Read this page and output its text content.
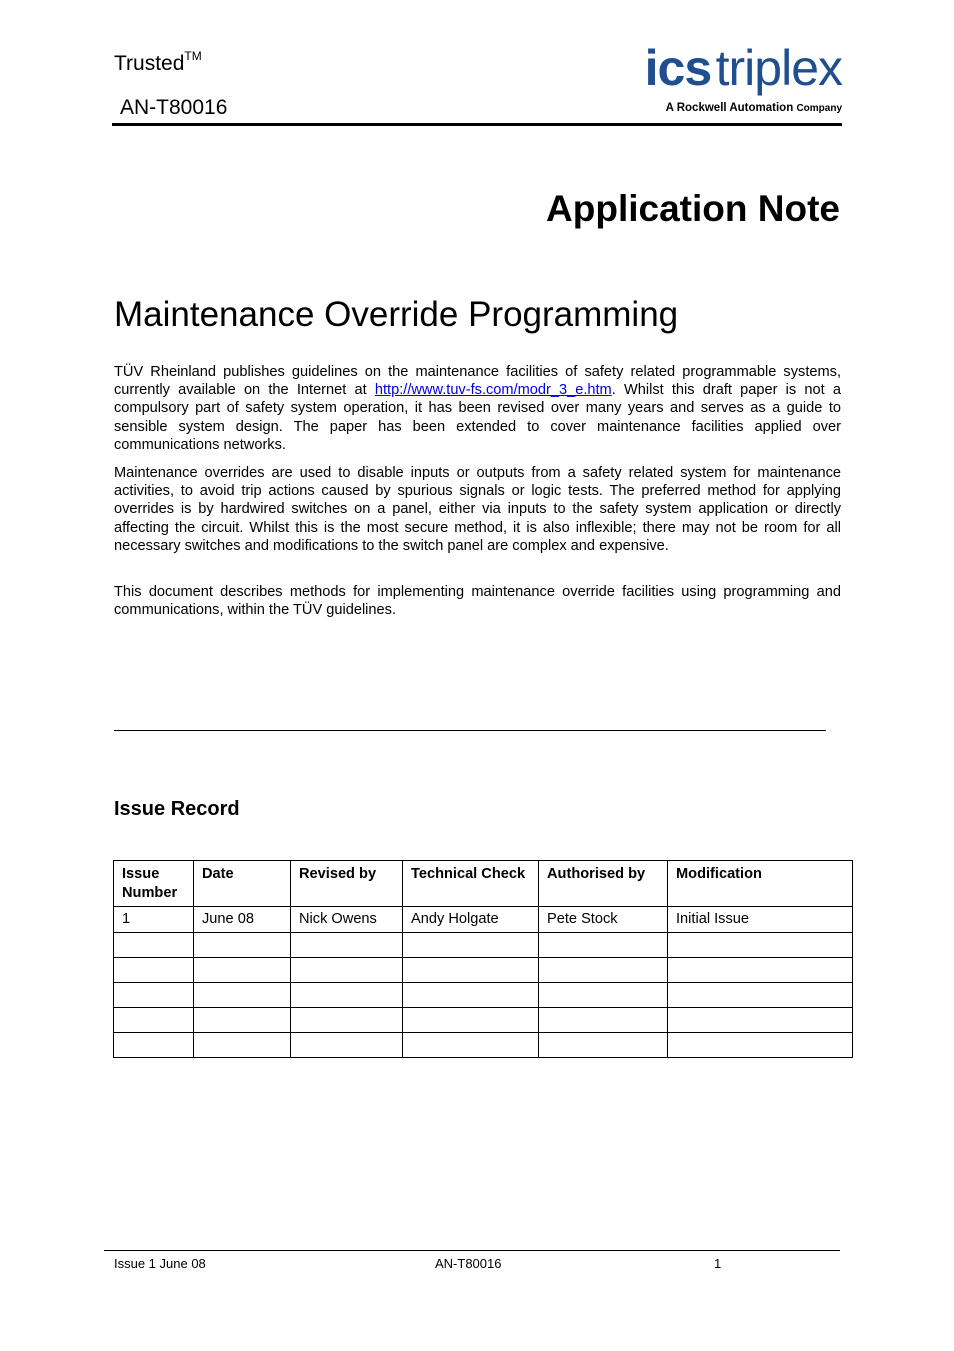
Trusted™
AN-T80016
ics triplex
A Rockwell Automation Company
Application Note
Maintenance Override Programming
TÜV Rheinland publishes guidelines on the maintenance facilities of safety related programmable systems, currently available on the Internet at http://www.tuv-fs.com/modr_3_e.htm. Whilst this draft paper is not a compulsory part of safety system operation, it has been revised over many years and serves as a guide to sensible system design. The paper has been extended to cover maintenance facilities applied over communications networks.
Maintenance overrides are used to disable inputs or outputs from a safety related system for maintenance activities, to avoid trip actions caused by spurious signals or logic tests. The preferred method for applying overrides is by hardwired switches on a panel, either via inputs to the safety system application or directly affecting the circuit. Whilst this is the most secure method, it is also inflexible; there may not be room for all necessary switches and modifications to the switch panel are complex and expensive.
This document describes methods for implementing maintenance override facilities using programming and communications, within the TÜV guidelines.
Issue Record
Issue Number	Date	Revised by	Technical Check	Authorised by	Modification
1	June 08	Nick Owens	Andy Holgate	Pete Stock	Initial Issue

Issue 1 June 08	AN-T80016	1
